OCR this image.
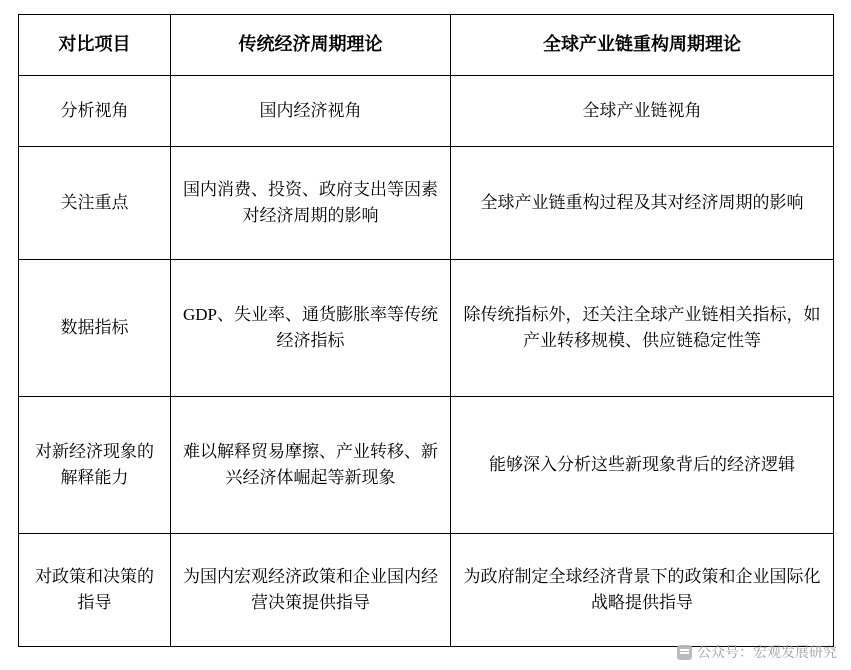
对比项目	传统经济周期理论	全球产业链重构周期理论
分析视角	国内经济视角	全球产业链视角
关注重点	国内消费、投资、政府支出等因素对经济周期的影响	全球产业链重构过程及其对经济周期的影响
数据指标	GDP、失业率、通货膨胀率等传统经济指标	除传统指标外，还关注全球产业链相关指标，如产业转移规模、供应链稳定性等
对新经济现象的解释能力	难以解释贸易摩擦、产业转移、新兴经济体崛起等新现象	能够深入分析这些新现象背后的经济逻辑
对政策和决策的指导	为国内宏观经济政策和企业国内经营决策提供指导	为政府制定全球经济背景下的政策和企业国际化战略提供指导
公众号：宏观发展研究
